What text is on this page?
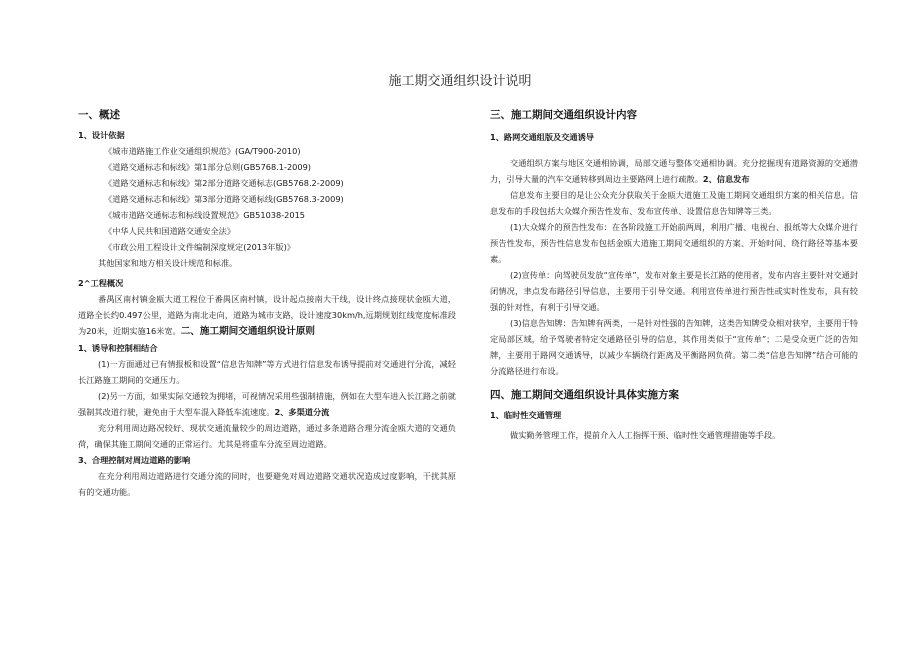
施工期交通组织设计说明
一、概述
1、设计依据
《城市道路施工作业交通组织规范》(GA/T900-2010)
《道路交通标志和标线》第1部分总则(GB5768.1-2009)
《道路交通标志和标线》第2部分道路交通标志(GB5768.2-2009)
《道路交通标志和标线》第3部分道路交通标线(GB5768.3-2009)
《城市道路交通标志和标线设置规范》GB51038-2015
《中华人民共和国道路交通安全法》
《市政公用工程设计文件编制深度规定(2013年版)》
其他国家和地方相关设计规范和标准。
2^工程概况

番禺区南村镇金瓯大道工程位于番禺区南村镇，设计起点接南大干线，设计终点接现状金瓯大道，道路全长约0.497公里，道路为南北走向，道路为城市支路，设计速度30km/h,远期规划红线宽度标准段为20米，近期实施16米宽。二、施工期间交通组织设计原则

1、诱导和控制相结合

(1)一方面通过已有情报板和设置“信息告知牌”等方式进行信息发布诱导提前对交通进行分流，减轻长江路施工期间的交通压力。

(2)另一方面，如果实际交通较为拥堵，可视情况采用些强制措施，例如在大型车进入长江路之前就强制其改道行驶，避免由于大型车混入降低车流速度。2、多渠道分流

充分利用周边路况较好、现状交通流量较少的周边道路，通过多条道路合理分流金瓯大道的交通负荷，确保其施工期间交通的正常运行。尤其是将重车分流至周边道路。

3、合理控制对周边道路的影响

在充分利用周边道路进行交通分流的同时，也要避免对周边道路交通状况造成过度影响，干扰其原有的交通功能。

三、施工期间交通组织设计内容
1、路网交通组版及交通诱导

交通组织方案与地区交通相协调，局部交通与整体交通相协调。充分挖掘现有道路资源的交通潜力，引导大量的汽车交通转移到周边主要路网上进行疏散。2、信息发布

信息发布主要目的是让公众充分获取关于金瓯大道施工及施工期间交通组织方案的相关信息。信息发布的手段包括大众媒介预告性发布、发布宣传单、设置信息告知牌等三类。

(1)大众媒介的预告性发布：在各阶段施工开始前两周，利用广播、电视台、报纸等大众媒介进行预告性发布，预告性信息发布包括金瓯大道施工期间交通组织的方案、开始时间、绕行路径等基本要素。

(2)宣传单：向驾驶员发放“宣传单”，发布对象主要是长江路的使用者，发布内容主要针对交通封闭情况，聿点发布路径引导信息，主要用于引导交通。利用宣传单进行预告性或实时性发布，具有较强的针对性，有利于引导交通。

(3)信息告知牌：告知牌有两类，一是针对性强的告知牌，这类告知牌受众相对狭窄，主要用于特定局部区域，给予驾驶者特定交通路径引导的信息，其作用类似于“宣传单”；二是受众更广泛的告知牌，主要用于路网交通诱导，以减少车辆绕行距离及平衡路网负荷。第二类“信息告知牌”结合可能的分流路径进行布设。

四、施工期间交通组织设计具体实施方案
1、临时性交通管理

做实勤务管理工作，提前介入人工指挥干预、临时性交通管理措施等手段。
